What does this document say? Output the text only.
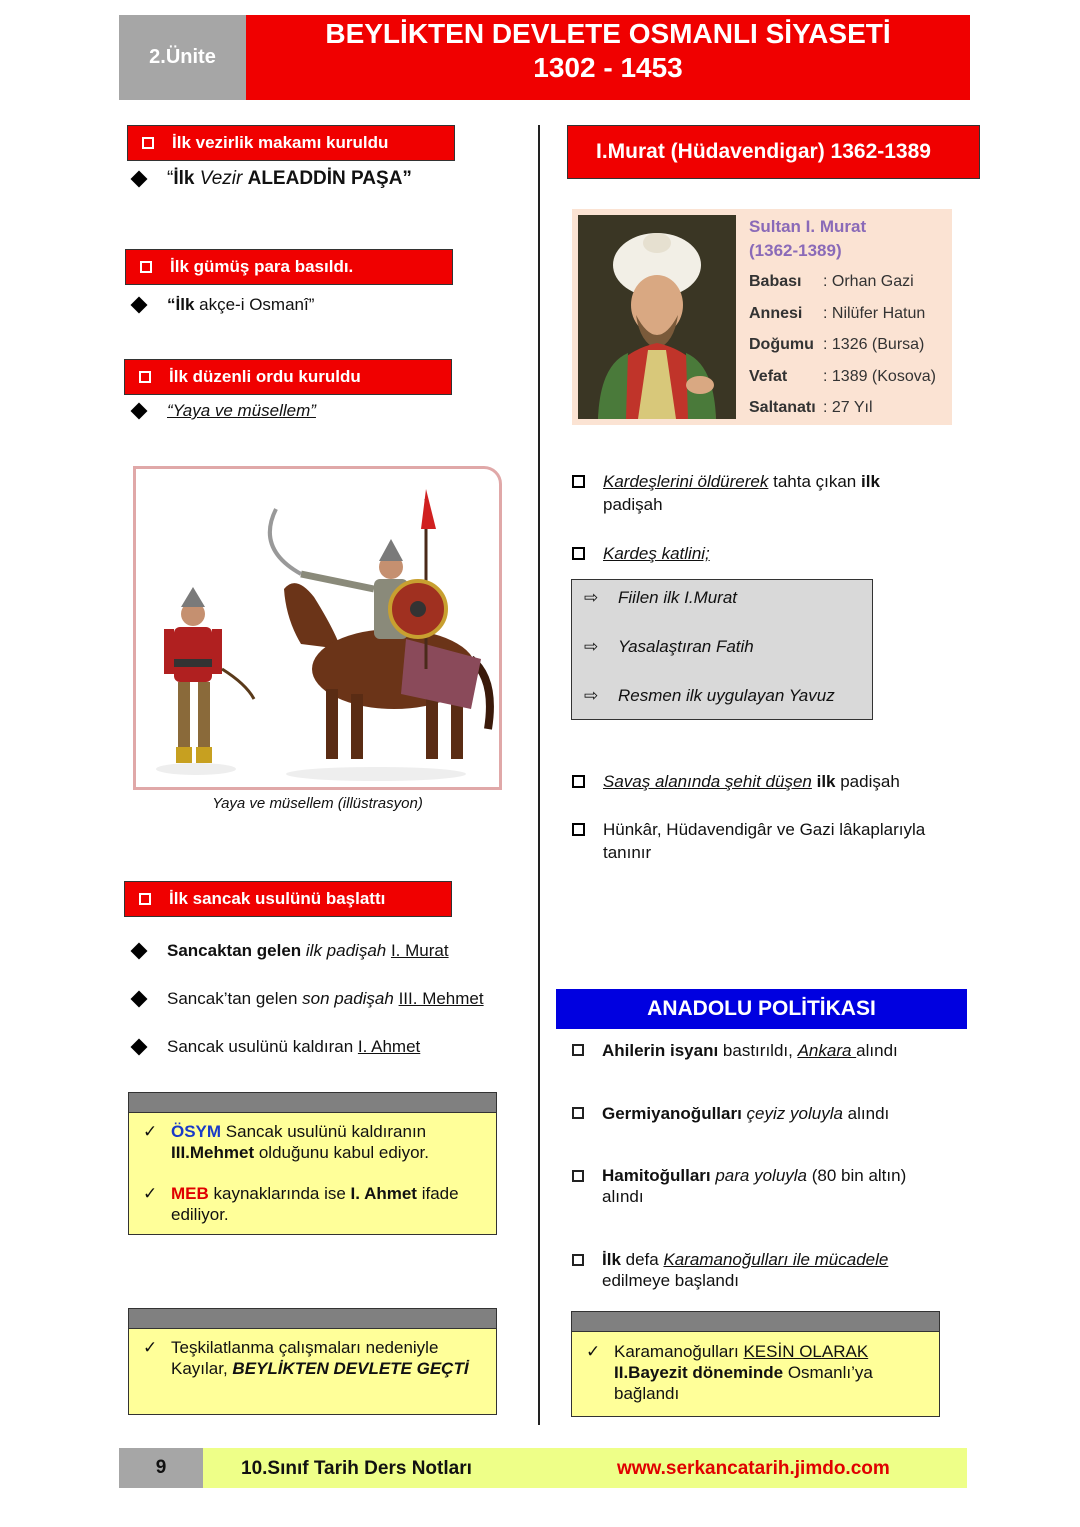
2.Ünite
BEYLİKTEN DEVLETE OSMANLI SİYASETİ
1302 - 1453
İlk vezirlik makamı kuruldu
“İlk Vezir ALEADDİN PAŞA”
İlk gümüş para basıldı.
“İlk akçe-i Osmanî”
İlk düzenli ordu kuruldu
“Yaya ve müsellem”
Yaya ve müsellem (illüstrasyon)
İlk sancak usulünü başlattı
Sancaktan gelen ilk padişah I. Murat
Sancak’tan gelen son padişah III. Mehmet
Sancak usulünü kaldıran I. Ahmet
✓ ÖSYM Sancak usulünü kaldıranın III.Mehmet olduğunu kabul ediyor.
✓ MEB kaynaklarında ise I. Ahmet ifade ediliyor.
✓ Teşkilatlanma çalışmaları nedeniyle Kayılar, BEYLİKTEN DEVLETE GEÇTİ
I.Murat (Hüdavendigar) 1362-1389
Sultan I. Murat
(1362-1389)
Babası	: Orhan Gazi
Annesi	: Nilüfer Hatun
Doğumu : 1326 (Bursa)
Vefat	: 1389 (Kosova)
Saltanatı : 27 Yıl
Kardeşlerini öldürerek tahta çıkan ilk padişah
Kardeş katlini;
⇨	Fiilen ilk I.Murat
⇨	Yasalaştıran Fatih
⇨	Resmen ilk uygulayan Yavuz
Savaş alanında şehit düşen ilk padişah
Hünkâr, Hüdavendigâr ve Gazi lâkaplarıyla tanınır
ANADOLU POLİTİKASI
Ahilerin isyanı bastırıldı, Ankara alındı
Germiyanoğulları çeyiz yoluyla alındı
Hamitoğulları para yoluyla (80 bin altın) alındı
İlk defa Karamanoğulları ile mücadele edilmeye başlandı
✓ Karamanoğulları KESİN OLARAK
II.Bayezit döneminde Osmanlı’ya bağlandı
9	10.Sınıf Tarih Ders Notları	www.serkancatarih.jimdo.com
